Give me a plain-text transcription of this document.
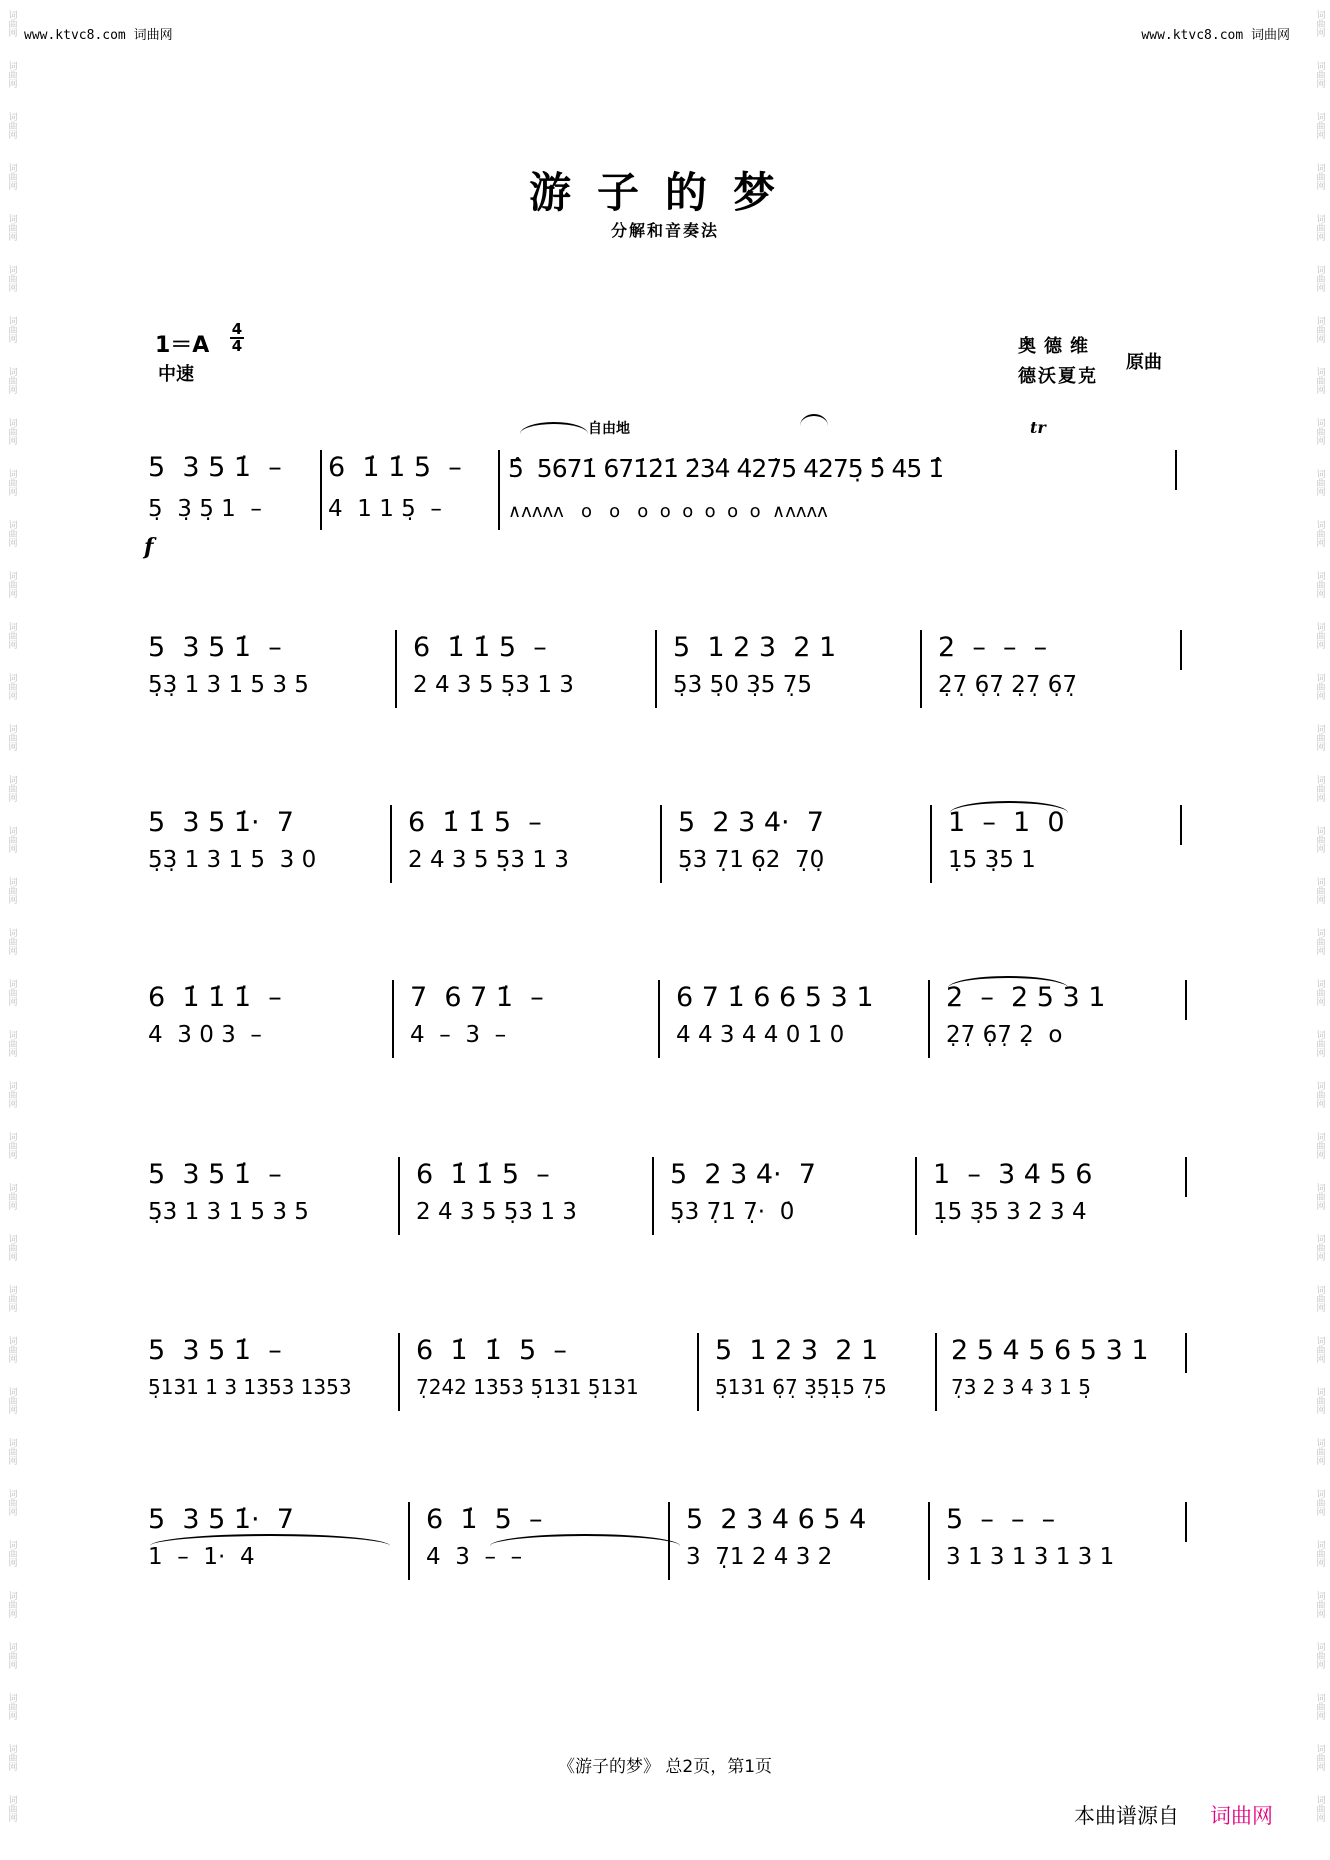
词曲网
词曲网
词曲网
词曲网
词曲网
词曲网
词曲网
词曲网
词曲网
词曲网
词曲网
词曲网
词曲网
词曲网
词曲网
词曲网
词曲网
词曲网
词曲网
词曲网
词曲网
词曲网
词曲网
词曲网
词曲网
词曲网
词曲网
词曲网
词曲网
词曲网
词曲网
词曲网
词曲网
词曲网
词曲网
词曲网
词曲网
词曲网
词曲网
词曲网
词曲网
词曲网
词曲网
词曲网
词曲网
词曲网
词曲网
词曲网
词曲网
词曲网
词曲网
词曲网
词曲网
词曲网
词曲网
词曲网
词曲网
词曲网
词曲网
词曲网
词曲网
词曲网
词曲网
词曲网
词曲网
词曲网
词曲网
词曲网
词曲网
词曲网
词曲网
词曲网
www.ktvc8.com 词曲网	www.ktvc8.com 词曲网
游子的梦
分解和音奏法
1＝A
4
4
中速
奥德维
德沃夏克
原曲
自由地	tr
f
5  3 5 1̇  –	6  1̇ 1̇ 5  –	5̂  5671̇ 671̇2̇1̇ 2̇34̇ 4̇27̇5 4275̣ 5̂ 45 1̇̂
5̣  3̣ 5̣ 1  –	4  1 1 5̣  –	∧ʌʌʌʌ   o   o   o  o  o  o  o  o  ∧ʌʌʌʌ
5  3 5 1̇  –	6  1̇ 1̇ 5  –	5  1 2 3  2 1	2  –  –  –
5̣3̣ 1 3 1 5 3 5	2 4 3 5 5̣3 1 3	5̣3 5̣0 3̣5 7̣5	2̣7̣ 6̣7̣ 2̣7̣ 6̣7̣
5  3 5 1̇·  7	6  1̇ 1̇ 5  –	5  2 3 4·  7	1  –  1  0
5̣3̣ 1 3 1 5  3 0	2 4 3 5 5̣3 1 3	5̣3 7̣1 6̣2  7̣0̣	1̣5 3̣5 1
6  1̇ 1̇ 1̇  –	7  6 7 1̇  –	6 7 1̇ 6 6 5 3 1	2  –  2 5 3 1
4  3 0 3  –	4  –  3  –	4 4 3 4 4 0 1 0	2̣7̣ 6̣7̣ 2̣  o
5  3 5 1̇  –	6  1̇ 1̇ 5  –	5  2 3 4·  7	1  –  3 4 5 6
5̣3 1 3 1 5 3 5	2 4 3 5 5̣3 1 3	5̣3 7̣1 7̣·  0̇	1̣5 3̣5 3 2 3 4
5  3 5 1̇  –	6  1̇  1̇  5  –	5  1 2 3  2 1	2 5 4 5 6 5 3 1
5̣131 1 3 1353 1353	7̣242 1353 5̣131 5̣131	5̣131 6̣7̣ 3̣5̣1̣5 7̣5	7̣3 2 3 4 3 1 5̣
5  3 5 1̇·  7	6  1̇  5  –	5  2 3 4 6 5 4	5  –  –  –
1  –  1·  4	4  3  –  –	3  7̣1 2 4 3 2	3 1 3 1 3 1 3 1
《游子的梦》 总2页，第1页
本曲谱源自 词曲网
